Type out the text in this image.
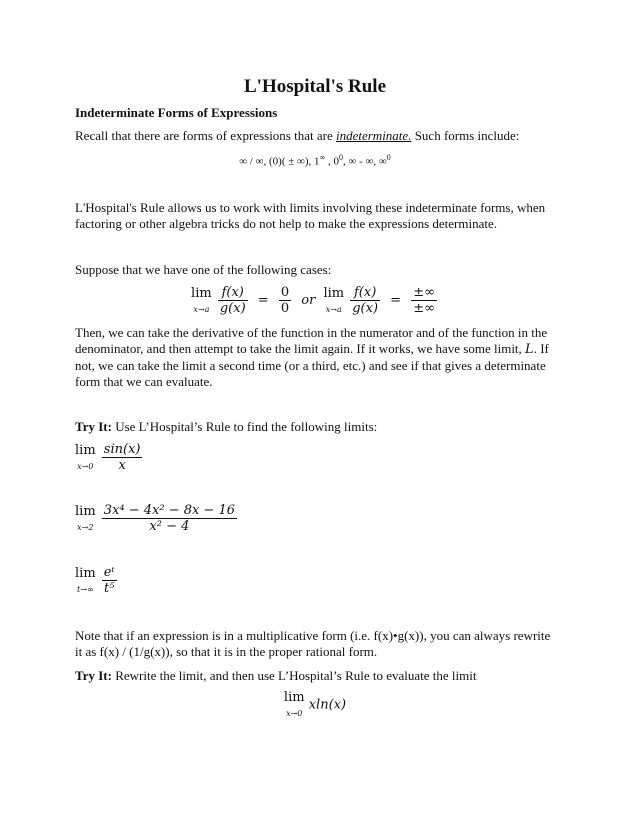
L'Hospital's Rule
Indeterminate Forms of Expressions
Recall that there are forms of expressions that are indeterminate. Such forms include:
∞ / ∞, (0)( ± ∞), 1∞ , $0^0$, ∞ - ∞, ∞$^0$
L'Hospital's Rule allows us to work with limits involving these indeterminate forms, when factoring or other algebra tricks do not help to make the expressions determinate.
Suppose that we have one of the following cases:
lim
$x\to a \frac{f(x)}{g(x)} = \frac{0}{0}$ or lim
$x\to a \frac{f(x)}{g(x)} = \frac{\pm\infty}{\pm\infty}$
Then, we can take the derivative of the function in the numerator and of the function in the denominator, and then attempt to take the limit again. If it works, we have some limit, L. If not, we can take the limit a second time (or a third, etc.) and see if that gives a determinate form that we can evaluate.
Try It: Use L’Hospital’s Rule to find the following limits:
lim
$x\to 0 \frac{\sin(x)}{x}$
lim
$x\to 2 \frac{\text{3x⁴ − 4x² − 8x − 16}}{\text{x² − 4}}$
lim
$t\to\infty \frac{\text{eᵗ}}{\text{t⁵}}$
Note that if an expression is in a multiplicative form (i.e. f(x)•g(x)), you can always rewrite it as f(x) / (1/g(x)), so that it is in the proper rational form.
Try It: Rewrite the limit, and then use L’Hospital’s Rule to evaluate the limit
lim
x→0 xln(x)
